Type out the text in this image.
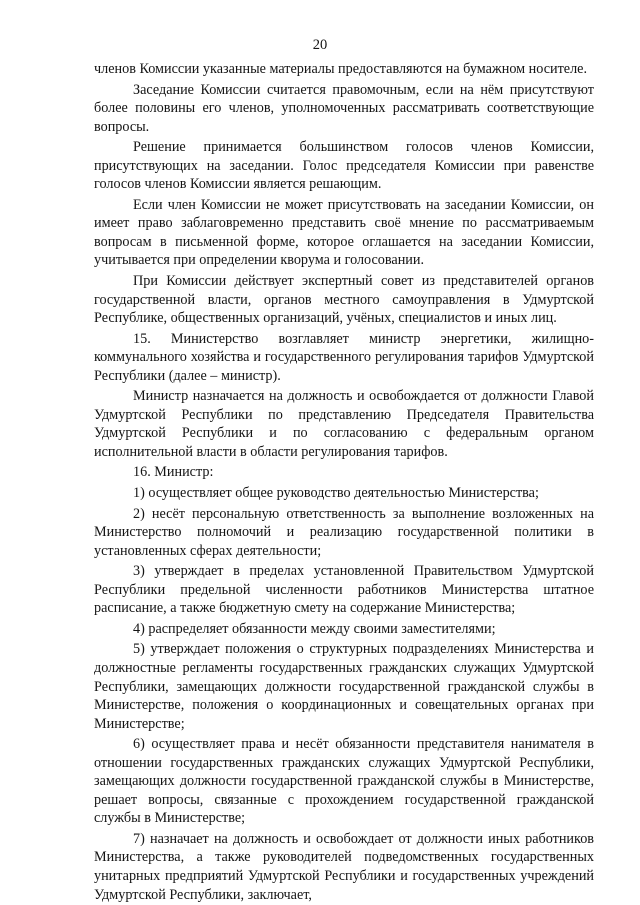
20

членов Комиссии указанные материалы предоставляются на бумажном носителе.

Заседание Комиссии считается правомочным, если на нём присутствуют более половины его членов, уполномоченных рассматривать соответствующие вопросы.

Решение принимается большинством голосов членов Комиссии, присутствующих на заседании. Голос председателя Комиссии при равенстве голосов членов Комиссии является решающим.

Если член Комиссии не может присутствовать на заседании Комиссии, он имеет право заблаговременно представить своё мнение по рассматриваемым вопросам в письменной форме, которое оглашается на заседании Комиссии, учитывается при определении кворума и голосовании.

При Комиссии действует экспертный совет из представителей органов государственной власти, органов местного самоуправления в Удмуртской Республике, общественных организаций, учёных, специалистов и иных лиц.

15. Министерство возглавляет министр энергетики, жилищно-коммунального хозяйства и государственного регулирования тарифов Удмуртской Республики (далее – министр).

Министр назначается на должность и освобождается от должности Главой Удмуртской Республики по представлению Председателя Правительства Удмуртской Республики и по согласованию с федеральным органом исполнительной власти в области регулирования тарифов.

16. Министр:

1) осуществляет общее руководство деятельностью Министерства;

2) несёт персональную ответственность за выполнение возложенных на Министерство полномочий и реализацию государственной политики в установленных сферах деятельности;

3) утверждает в пределах установленной Правительством Удмуртской Республики предельной численности работников Министерства штатное расписание, а также бюджетную смету на содержание Министерства;

4) распределяет обязанности между своими заместителями;

5) утверждает положения о структурных подразделениях Министерства и должностные регламенты государственных гражданских служащих Удмуртской Республики, замещающих должности государственной гражданской службы в Министерстве, положения о координационных и совещательных органах при Министерстве;

6) осуществляет права и несёт обязанности представителя нанимателя в отношении государственных гражданских служащих Удмуртской Республики, замещающих должности государственной гражданской службы в Министерстве, решает вопросы, связанные с прохождением государственной гражданской службы в Министерстве;

7) назначает на должность и освобождает от должности иных работников Министерства, а также руководителей подведомственных государственных унитарных предприятий Удмуртской Республики и государственных учреждений Удмуртской Республики, заключает,
